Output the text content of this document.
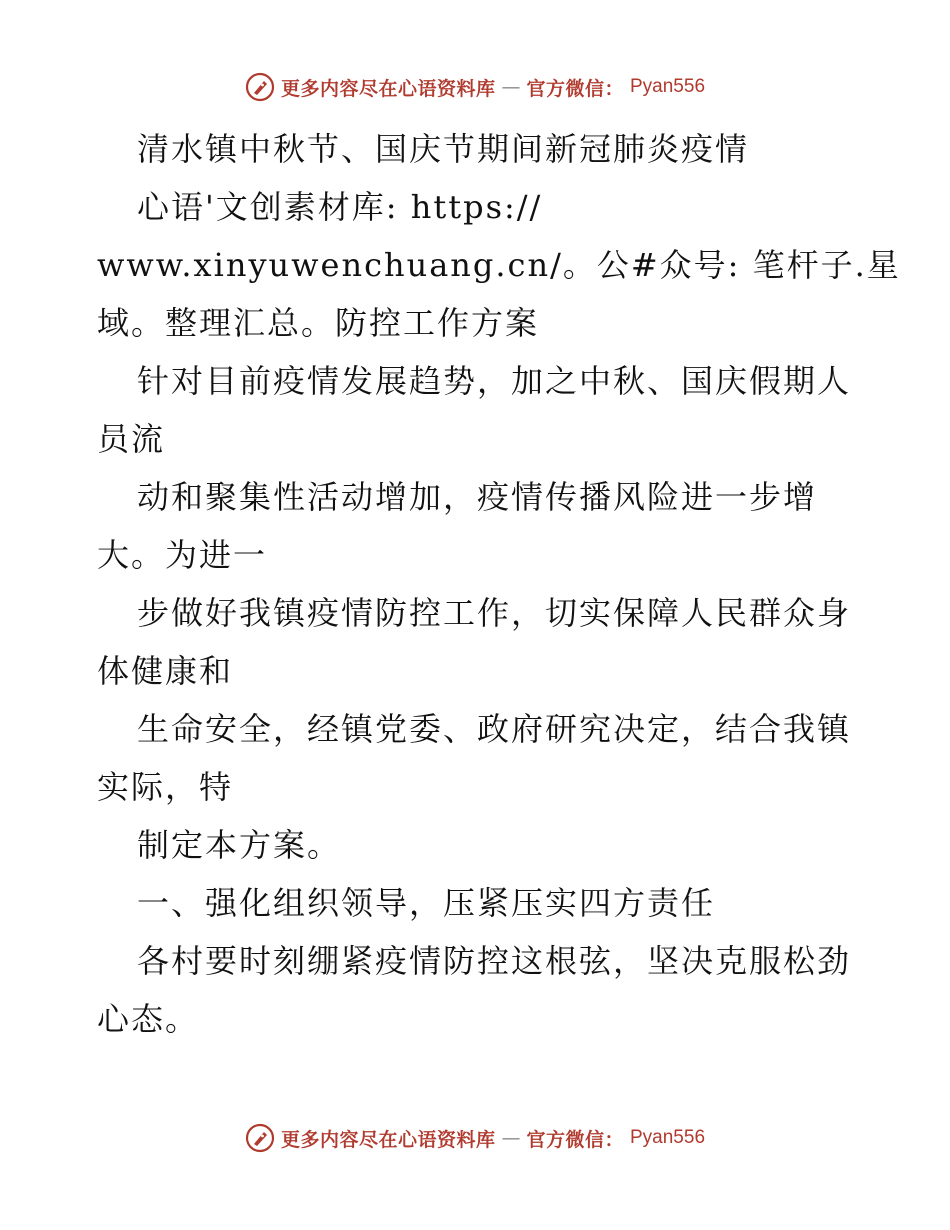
更多内容尽在心语资料库 — 官方微信： Pyan556
清水镇中秋节、国庆节期间新冠肺炎疫情
心语'文创素材库: https://
www.xinyuwenchuang.cn/。公#众号: 笔杆子.星
域。整理汇总。防控工作方案
针对目前疫情发展趋势，加之中秋、国庆假期人
员流
动和聚集性活动增加，疫情传播风险进一步增
大。为进一
步做好我镇疫情防控工作，切实保障人民群众身
体健康和
生命安全，经镇党委、政府研究决定，结合我镇
实际，特
制定本方案。
一、强化组织领导，压紧压实四方责任
各村要时刻绷紧疫情防控这根弦，坚决克服松劲
心态。
更多内容尽在心语资料库 — 官方微信： Pyan556
